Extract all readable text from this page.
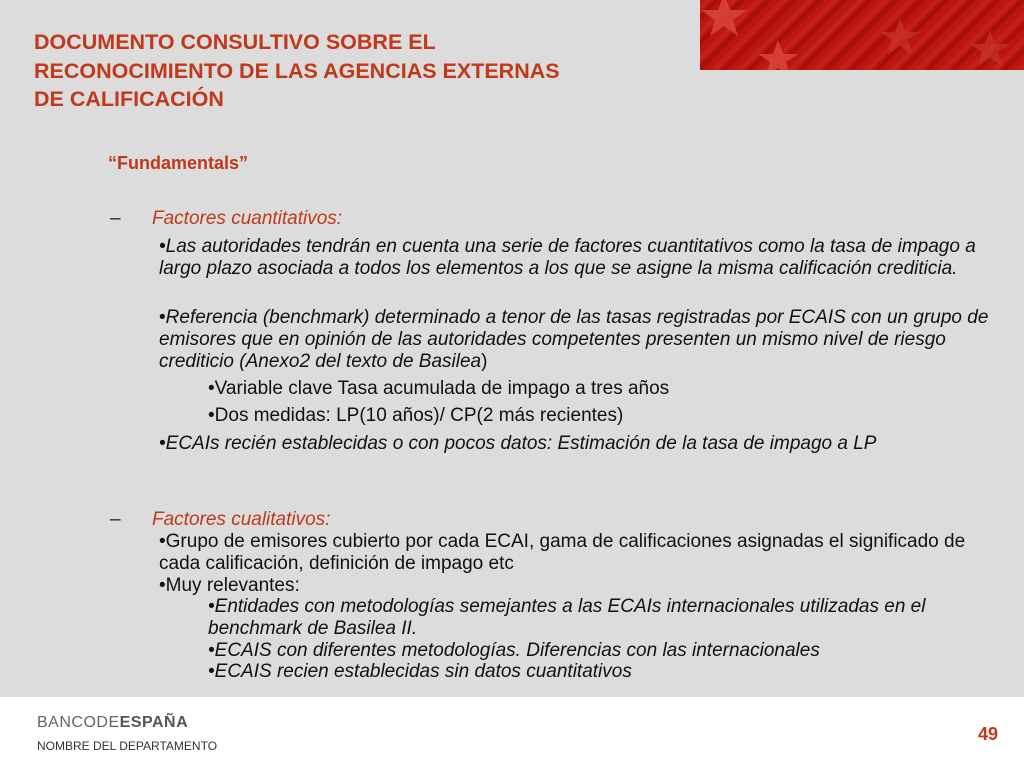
DOCUMENTO CONSULTIVO SOBRE EL
RECONOCIMIENTO DE LAS AGENCIAS EXTERNAS
DE CALIFICACIÓN
“Fundamentals”
– Factores cuantitativos:
•Las autoridades tendrán en cuenta una serie de factores cuantitativos como la tasa de impago a largo plazo asociada a todos los elementos a los que se asigne la misma calificación crediticia.
•Referencia (benchmark) determinado a tenor de las tasas registradas por ECAIS con un grupo de emisores que en opinión de las autoridades competentes presenten un mismo nivel de riesgo crediticio (Anexo2 del texto de Basilea)
•Variable clave Tasa acumulada de impago a tres años
•Dos medidas: LP(10 años)/ CP(2 más recientes)
•ECAIs recién establecidas o con pocos datos: Estimación de la tasa de impago a LP
– Factores cualitativos:
•Grupo de emisores cubierto por cada ECAI, gama de calificaciones asignadas el significado de cada calificación, definición de impago etc
•Muy relevantes:
•Entidades con metodologías semejantes a las ECAIs internacionales utilizadas en el benchmark de Basilea II.
•ECAIS con diferentes metodologías. Diferencias con las internacionales
•ECAIS recien establecidas sin datos cuantitativos
BANCODEESPAÑA
NOMBRE DEL DEPARTAMENTO
49
